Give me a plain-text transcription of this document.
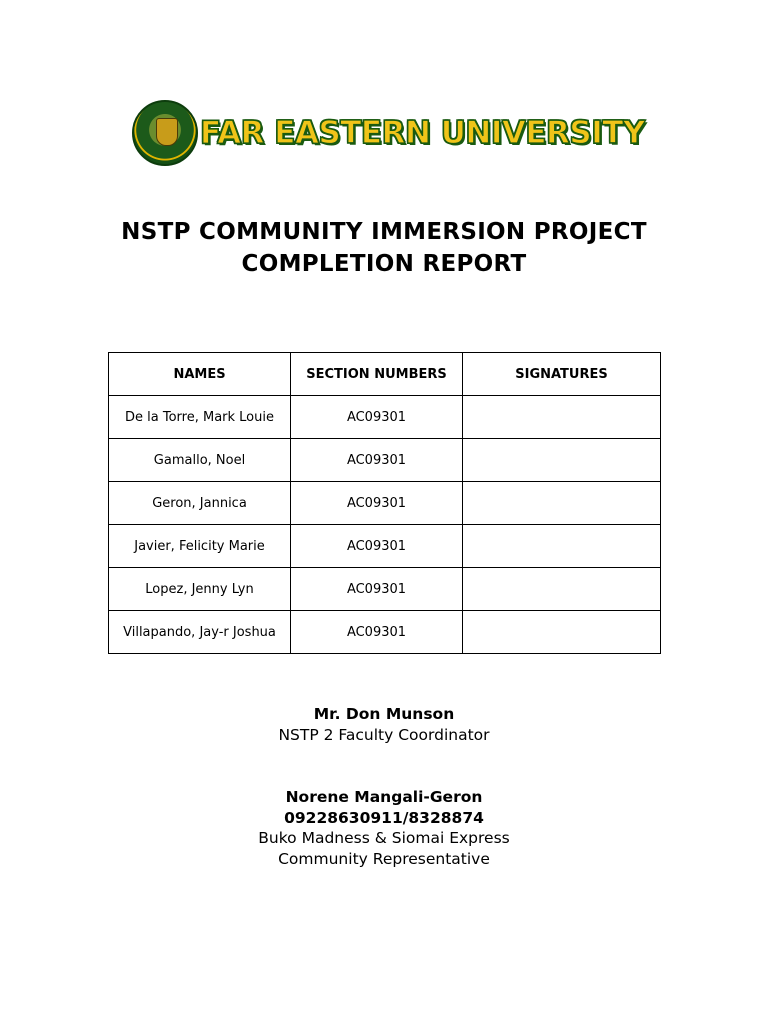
FAR EASTERN UNIVERSITY
NSTP COMMUNITY IMMERSION PROJECT
COMPLETION REPORT
NAMES	SECTION NUMBERS	SIGNATURES
De la Torre, Mark Louie	AC09301	
Gamallo, Noel	AC09301	
Geron, Jannica	AC09301	
Javier, Felicity Marie	AC09301	
Lopez, Jenny Lyn	AC09301	
Villapando, Jay-r Joshua	AC09301	
Mr. Don Munson
NSTP 2 Faculty Coordinator
Norene Mangali-Geron
09228630911/8328874
Buko Madness & Siomai Express
Community Representative
